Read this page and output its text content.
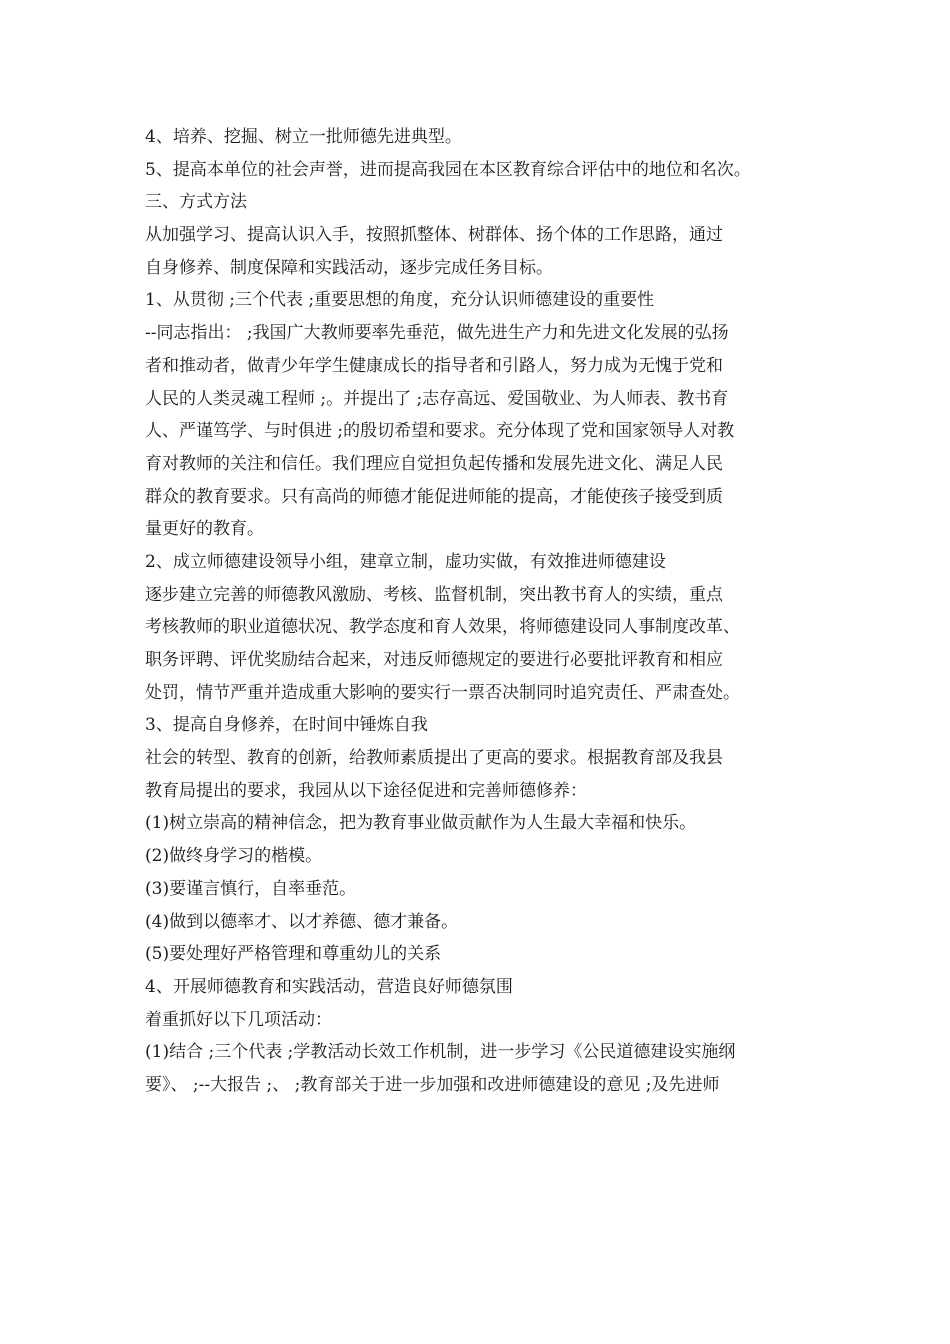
4、培养、挖掘、树立一批师德先进典型。
5、提高本单位的社会声誉，进而提高我园在本区教育综合评估中的地位和名次。
三、方式方法
从加强学习、提高认识入手，按照抓整体、树群体、扬个体的工作思路，通过
自身修养、制度保障和实践活动，逐步完成任务目标。
1、从贯彻 ;三个代表 ;重要思想的角度，充分认识师德建设的重要性
--同志指出： ;我国广大教师要率先垂范，做先进生产力和先进文化发展的弘扬
者和推动者，做青少年学生健康成长的指导者和引路人，努力成为无愧于党和
人民的人类灵魂工程师 ;。并提出了 ;志存高远、爱国敬业、为人师表、教书育
人、严谨笃学、与时俱进 ;的殷切希望和要求。充分体现了党和国家领导人对教
育对教师的关注和信任。我们理应自觉担负起传播和发展先进文化、满足人民
群众的教育要求。只有高尚的师德才能促进师能的提高，才能使孩子接受到质
量更好的教育。
2、成立师德建设领导小组，建章立制，虚功实做，有效推进师德建设
逐步建立完善的师德教风激励、考核、监督机制，突出教书育人的实绩，重点
考核教师的职业道德状况、教学态度和育人效果，将师德建设同人事制度改革、
职务评聘、评优奖励结合起来，对违反师德规定的要进行必要批评教育和相应
处罚，情节严重并造成重大影响的要实行一票否决制同时追究责任、严肃查处。
3、提高自身修养，在时间中锤炼自我
社会的转型、教育的创新，给教师素质提出了更高的要求。根据教育部及我县
教育局提出的要求，我园从以下途径促进和完善师德修养：
(1)树立崇高的精神信念，把为教育事业做贡献作为人生最大幸福和快乐。
(2)做终身学习的楷模。
(3)要谨言慎行，自率垂范。
(4)做到以德率才、以才养德、德才兼备。
(5)要处理好严格管理和尊重幼儿的关系
4、开展师德教育和实践活动，营造良好师德氛围
着重抓好以下几项活动：
(1)结合 ;三个代表 ;学教活动长效工作机制，进一步学习《公民道德建设实施纲
要》、 ;--大报告 ;、 ;教育部关于进一步加强和改进师德建设的意见 ;及先进师
